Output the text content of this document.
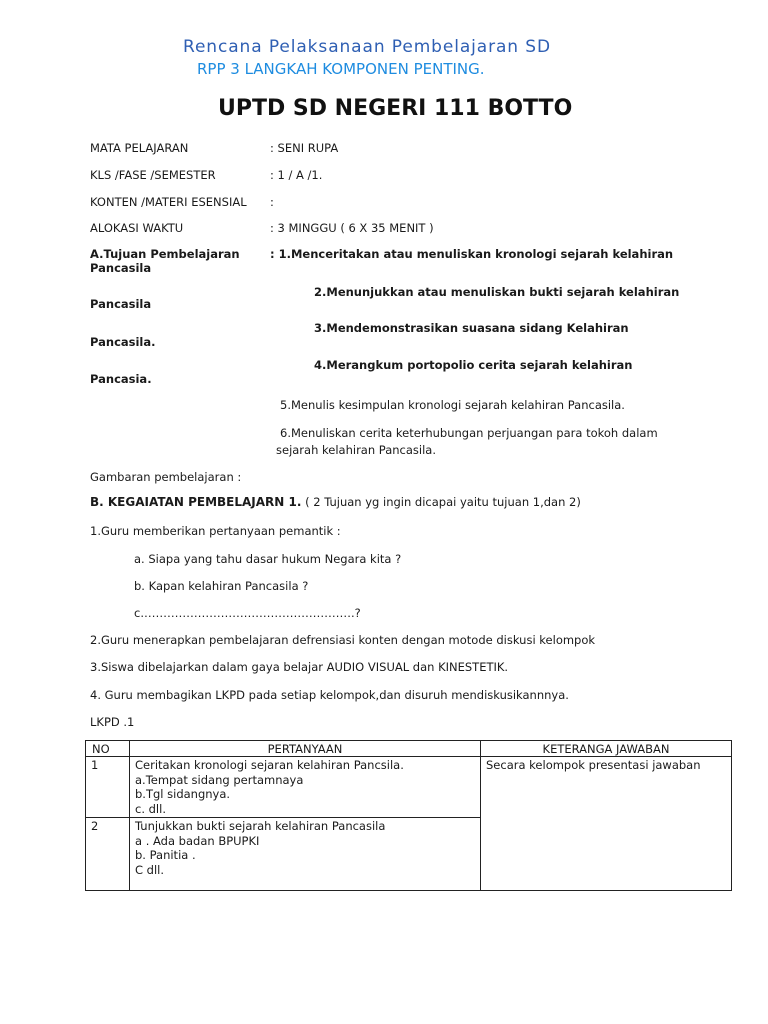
Rencana Pelaksanaan Pembelajaran SD
RPP 3 LANGKAH KOMPONEN PENTING.
UPTD SD NEGERI 111 BOTTO
MATA PELAJARAN	: SENI RUPA
KLS /FASE /SEMESTER	: 1 / A /1.
KONTEN /MATERI ESENSIAL :
ALOKASI WAKTU	: 3 MINGGU ( 6 X 35 MENIT )
A.Tujuan Pembelajaran
Pancasila
: 1.Menceritakan atau menuliskan kronologi sejarah kelahiran
2.Menunjukkan atau menuliskan bukti sejarah kelahiran
Pancasila
3.Mendemonstrasikan suasana sidang Kelahiran
Pancasila.
4.Merangkum portopolio cerita sejarah kelahiran
Pancasia.
5.Menulis kesimpulan kronologi sejarah kelahiran Pancasila.
6.Menuliskan cerita keterhubungan perjuangan para tokoh dalam
sejarah kelahiran Pancasila.
Gambaran pembelajaran :
B. KEGAIATAN PEMBELAJARN 1. ( 2 Tujuan yg ingin dicapai yaitu tujuan 1,dan 2)
1.Guru memberikan pertanyaan pemantik :
a. Siapa yang tahu dasar hukum Negara kita ?
b. Kapan kelahiran Pancasila ?
c.……………………………………………….?
2.Guru menerapkan pembelajaran defrensiasi konten dengan motode diskusi kelompok
3.Siswa dibelajarkan dalam gaya belajar AUDIO VISUAL dan KINESTETIK.
4. Guru membagikan LKPD pada setiap kelompok,dan disuruh mendiskusikannnya.
LKPD .1
NO	PERTANYAAN	KETERANGA JAWABAN
1	Ceritakan kronologi sejaran kelahiran Pancsila.
a.Tempat sidang pertamnaya
b.Tgl sidangnya.
c. dll.	Secara kelompok presentasi jawaban

2	Tunjukkan bukti sejarah kelahiran Pancasila
a . Ada badan BPUPKI
b. Panitia .
C dll.	
